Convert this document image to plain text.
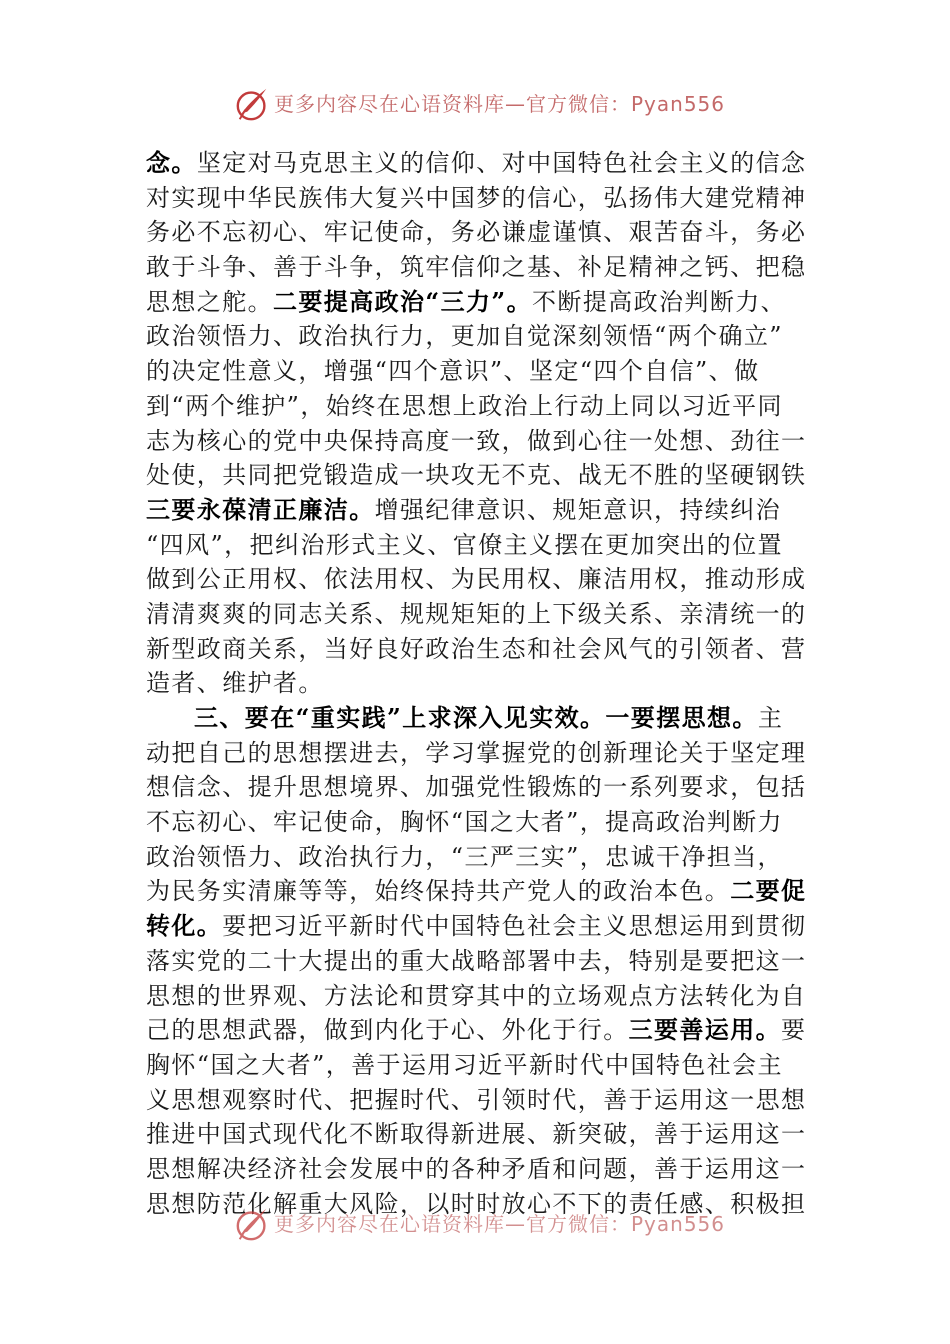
更多内容尽在心语资料库—官方微信：Pyan556
念。坚定对马克思主义的信仰、对中国特色社会主义的信念
对实现中华民族伟大复兴中国梦的信心，弘扬伟大建党精神
务必不忘初心、牢记使命，务必谦虚谨慎、艰苦奋斗，务必
敢于斗争、善于斗争，筑牢信仰之基、补足精神之钙、把稳
思想之舵。二要提高政治“三力”。不断提高政治判断力、
政治领悟力、政治执行力，更加自觉深刻领悟“两个确立”
的决定性意义，增强“四个意识”、坚定“四个自信”、做
到“两个维护”，始终在思想上政治上行动上同以习近平同
志为核心的党中央保持高度一致，做到心往一处想、劲往一
处使，共同把党锻造成一块攻无不克、战无不胜的坚硬钢铁
三要永葆清正廉洁。增强纪律意识、规矩意识，持续纠治
“四风”，把纠治形式主义、官僚主义摆在更加突出的位置
做到公正用权、依法用权、为民用权、廉洁用权，推动形成
清清爽爽的同志关系、规规矩矩的上下级关系、亲清统一的
新型政商关系，当好良好政治生态和社会风气的引领者、营
造者、维护者。
三、要在“重实践”上求深入见实效。一要摆思想。主
动把自己的思想摆进去，学习掌握党的创新理论关于坚定理
想信念、提升思想境界、加强党性锻炼的一系列要求，包括
不忘初心、牢记使命，胸怀“国之大者”，提高政治判断力
政治领悟力、政治执行力，“三严三实”，忠诚干净担当，
为民务实清廉等等，始终保持共产党人的政治本色。二要促
转化。要把习近平新时代中国特色社会主义思想运用到贯彻
落实党的二十大提出的重大战略部署中去，特别是要把这一
思想的世界观、方法论和贯穿其中的立场观点方法转化为自
己的思想武器，做到内化于心、外化于行。三要善运用。要
胸怀“国之大者”，善于运用习近平新时代中国特色社会主
义思想观察时代、把握时代、引领时代，善于运用这一思想
推进中国式现代化不断取得新进展、新突破，善于运用这一
思想解决经济社会发展中的各种矛盾和问题，善于运用这一
思想防范化解重大风险，以时时放心不下的责任感、积极担
更多内容尽在心语资料库—官方微信：Pyan556
